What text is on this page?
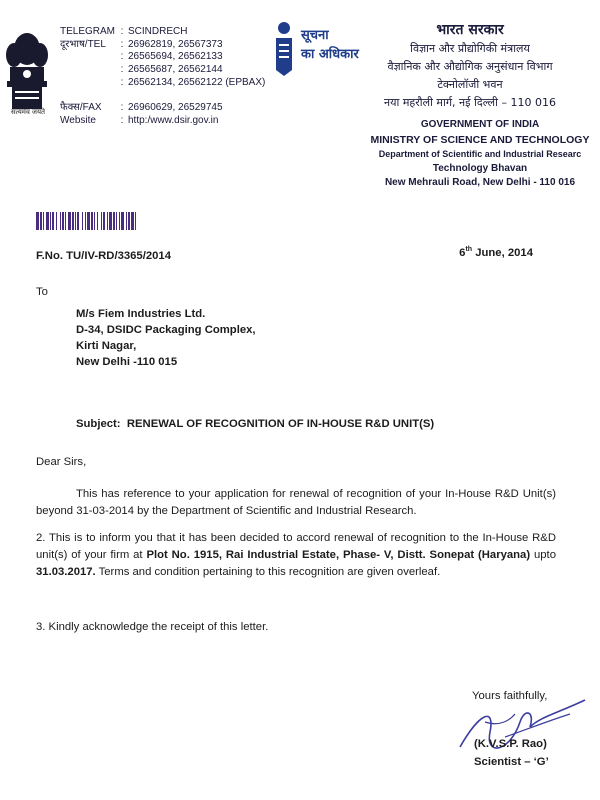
सत्यमेव जयते
TELEGRAM : SCINDRECH
दूरभाष/TEL	: 26962819, 26567373
: 26565694, 26562133
: 26565687, 26562144
: 26562134, 26562122 (EPBAX)
फैक्स/FAX	: 26960629, 26529745
Website	: http:/www.dsir.gov.in
सूचना
का अधिकार
भारत सरकार
विज्ञान और प्रौद्योगिकी मंत्रालय
वैज्ञानिक और औद्योगिक अनुसंधान विभाग
टेक्नोलॉजी भवन
नया महरौली मार्ग, नई दिल्ली – 110 016
GOVERNMENT OF INDIA
MINISTRY OF SCIENCE AND TECHNOLOGY
Department of Scientific and Industrial Researc
Technology Bhavan
New Mehrauli Road, New Delhi - 110 016
F.No. TU/IV-RD/3365/2014	6th June, 2014
To
M/s Fiem Industries Ltd.
D-34, DSIDC Packaging Complex,
Kirti Nagar,
New Delhi -110 015
Subject: RENEWAL OF RECOGNITION OF IN-HOUSE R&D UNIT(S)
Dear Sirs,
This has reference to your application for renewal of recognition of your In-House R&D Unit(s) beyond 31-03-2014 by the Department of Scientific and Industrial Research.
2. This is to inform you that it has been decided to accord renewal of recognition to the In-House R&D unit(s) of your firm at Plot No. 1915, Rai Industrial Estate, Phase- V, Distt. Sonepat (Haryana) upto 31.03.2017. Terms and condition pertaining to this recognition are given overleaf.
3. Kindly acknowledge the receipt of this letter.
Yours faithfully,
(K.V.S.P. Rao)
Scientist – ‘G’
